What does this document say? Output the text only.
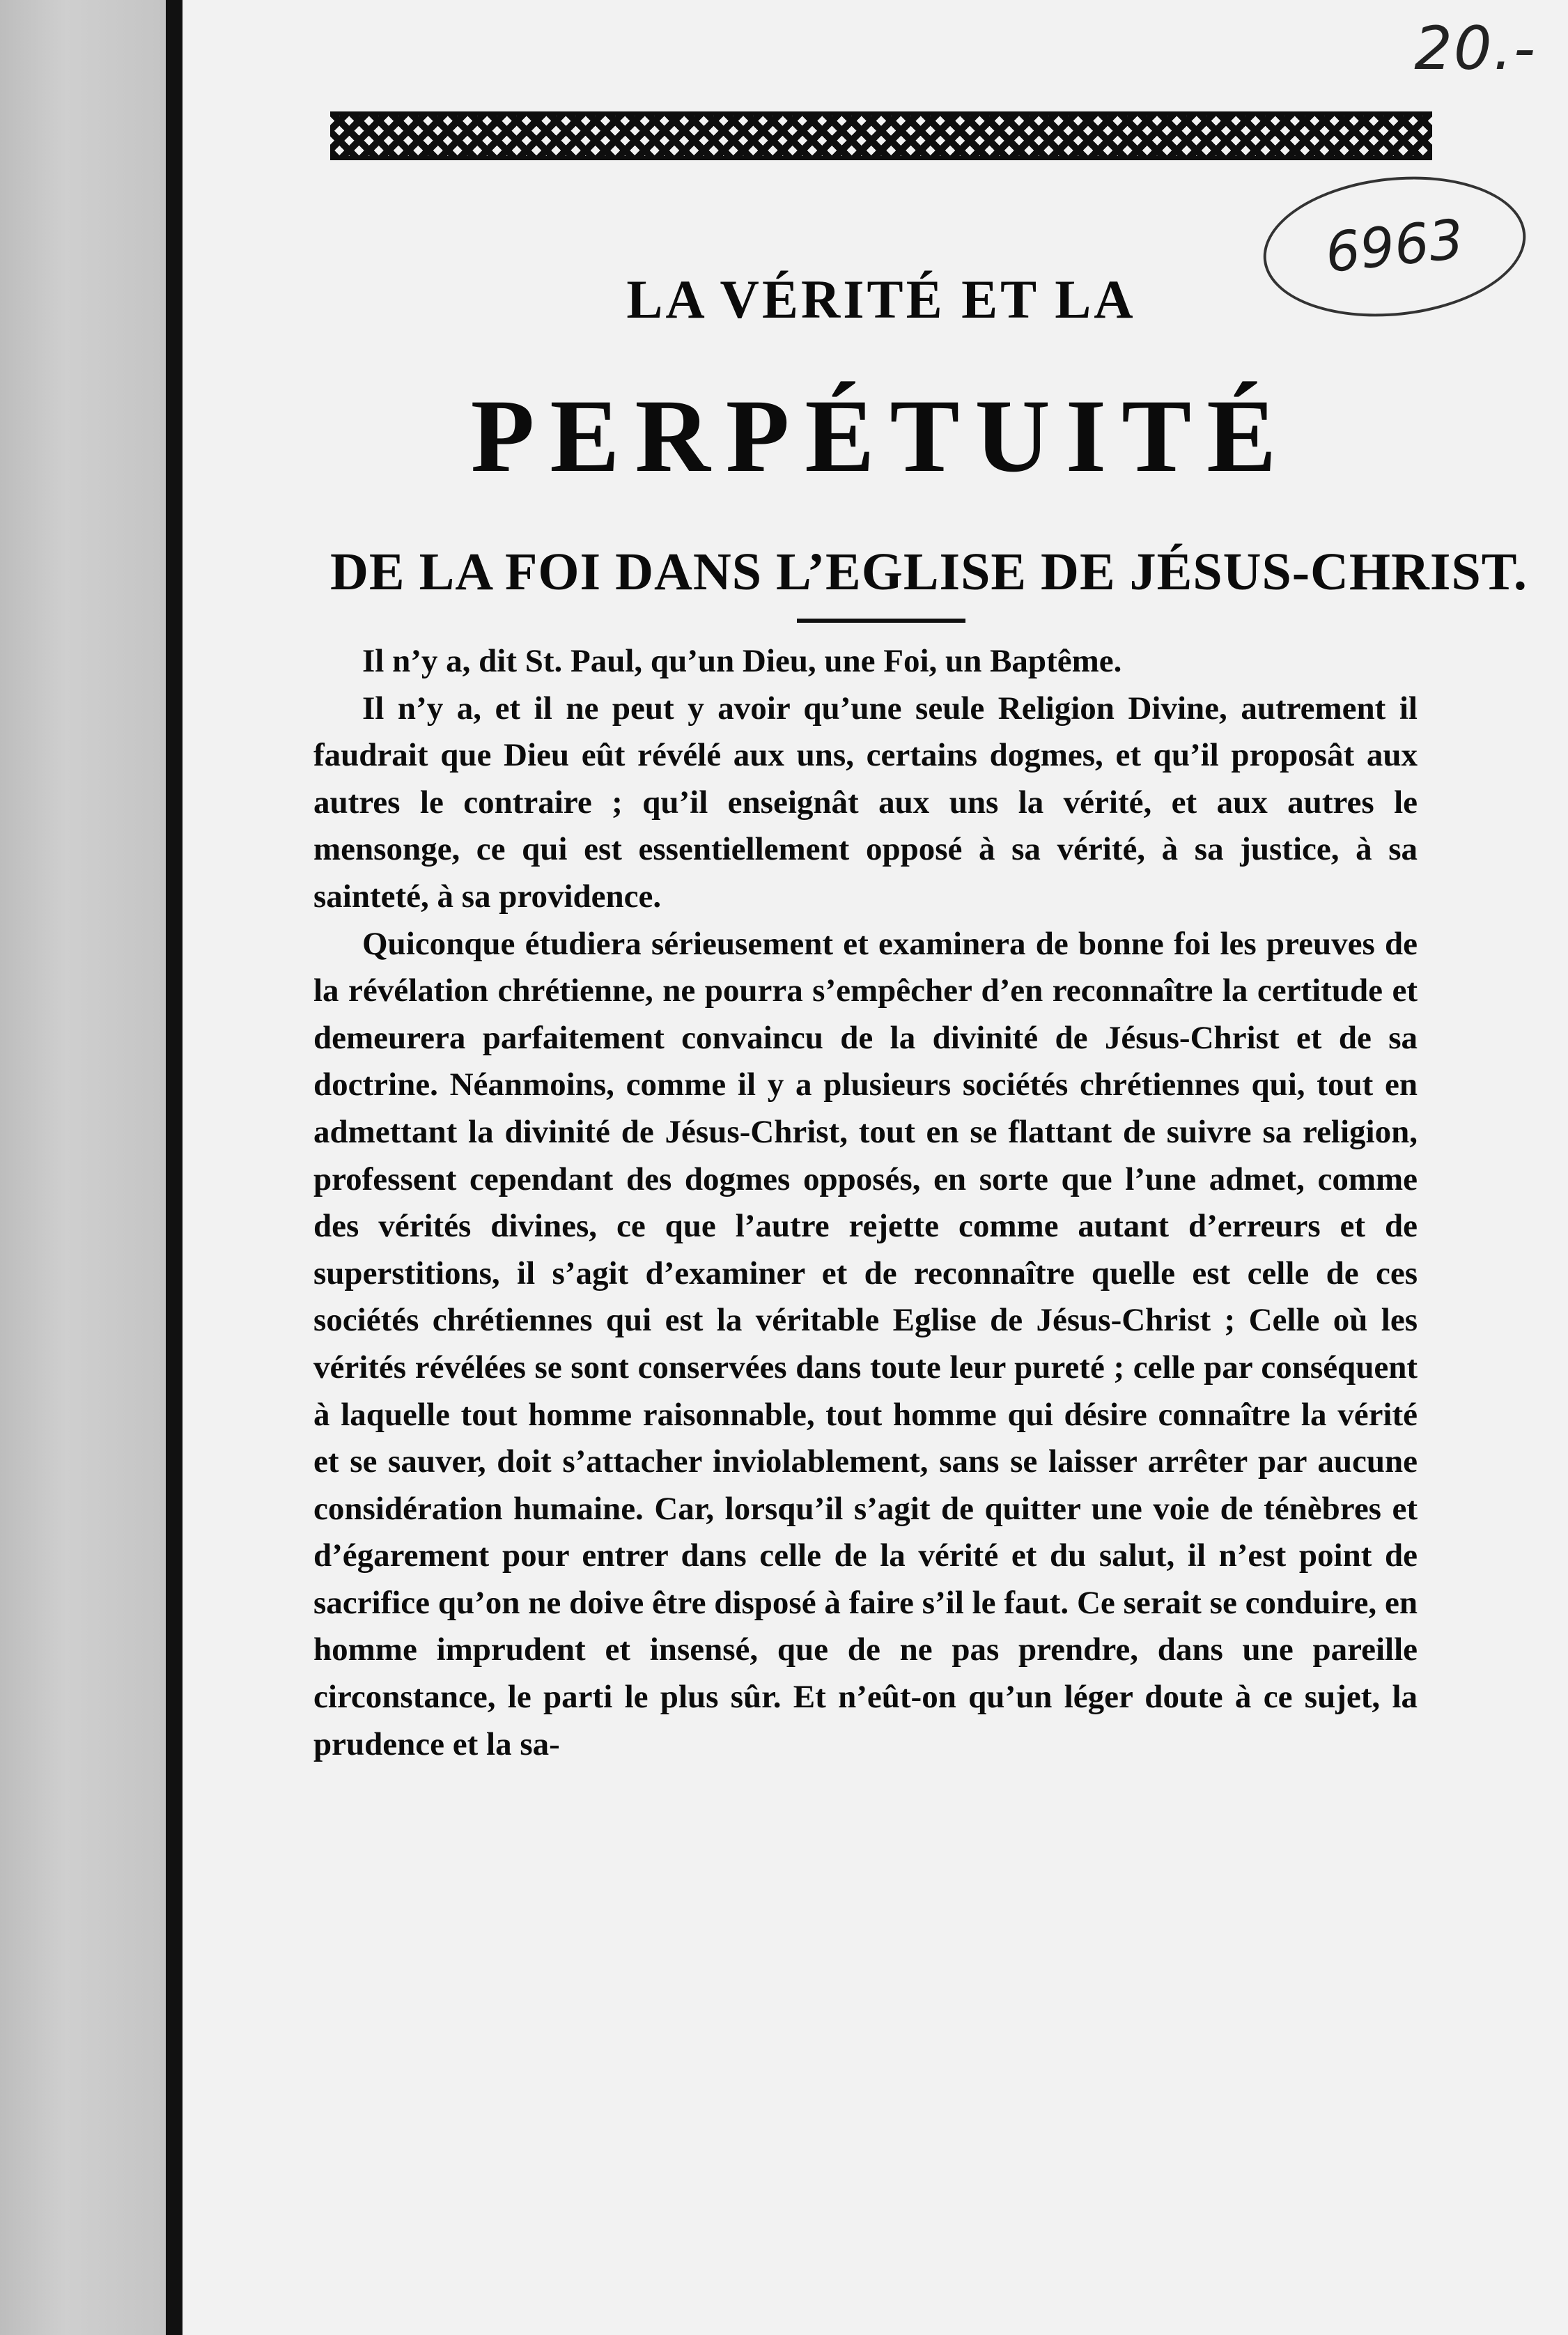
20.-
6963
LA VÉRITÉ ET LA
PERPÉTUITÉ
DE LA FOI DANS L’EGLISE DE JÉSUS-CHRIST.

Il n’y a, dit St. Paul, qu’un Dieu, une Foi, un Baptême.

Il n’y a, et il ne peut y avoir qu’une seule Religion Divine, autrement il faudrait que Dieu eût révélé aux uns, certains dogmes, et qu’il proposât aux autres le contraire ; qu’il enseignât aux uns la vérité, et aux autres le mensonge, ce qui est essentiellement opposé à sa vérité, à sa justice, à sa sainteté, à sa providence.

Quiconque étudiera sérieusement et examinera de bonne foi les preuves de la révélation chrétienne, ne pourra s’empêcher d’en reconnaître la certitude et demeurera parfaitement convaincu de la divinité de Jésus-Christ et de sa doctrine. Néanmoins, comme il y a plusieurs sociétés chrétiennes qui, tout en admettant la divinité de Jésus-Christ, tout en se flattant de suivre sa religion, professent cependant des dogmes opposés, en sorte que l’une admet, comme des vérités divines, ce que l’autre rejette comme autant d’erreurs et de superstitions, il s’agit d’examiner et de reconnaître quelle est celle de ces sociétés chrétiennes qui est la véritable Eglise de Jésus-Christ ; Celle où les vérités révélées se sont conservées dans toute leur pureté ; celle par conséquent à laquelle tout homme raisonnable, tout homme qui désire connaître la vérité et se sauver, doit s’attacher inviolablement, sans se laisser arrêter par aucune considération humaine. Car, lorsqu’il s’agit de quitter une voie de ténèbres et d’égarement pour entrer dans celle de la vérité et du salut, il n’est point de sacrifice qu’on ne doive être disposé à faire s’il le faut. Ce serait se conduire, en homme imprudent et insensé, que de ne pas prendre, dans une pareille circonstance, le parti le plus sûr. Et n’eût-on qu’un léger doute à ce sujet, la prudence et la sa-
